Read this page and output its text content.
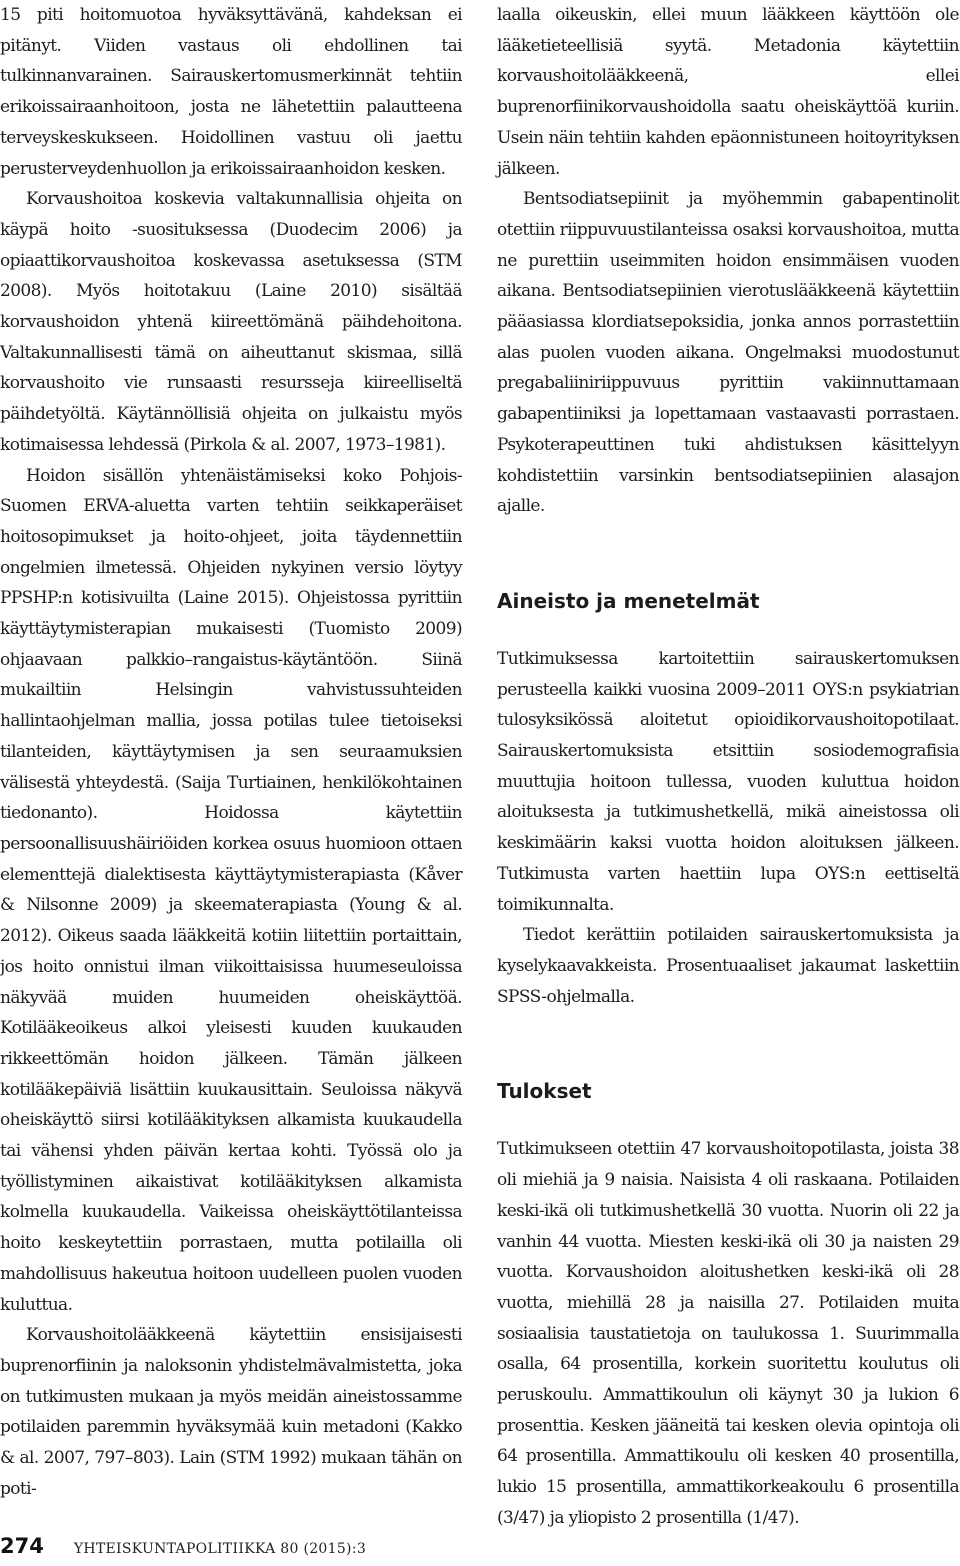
15 piti hoitomuotoa hyväksyttävänä, kahdeksan ei pitänyt. Viiden vastaus oli ehdollinen tai tulkinnanvarainen. Sairauskertomusmerkinnät tehtiin erikoissairaanhoitoon, josta ne lähetettiin palautteena terveyskeskukseen. Hoidollinen vastuu oli jaettu perusterveydenhuollon ja erikoissairaanhoidon kesken.

Korvaushoitoa koskevia valtakunnallisia ohjeita on käypä hoito -suosituksessa (Duodecim 2006) ja opiaattikorvaushoitoa koskevassa asetuksessa (STM 2008). Myös hoitotakuu (Laine 2010) sisältää korvaushoidon yhtenä kiireettömänä päihdehoitona. Valtakunnallisesti tämä on aiheuttanut skismaa, sillä korvaushoito vie runsaasti resursseja kiireelliseltä päihdetyöltä. Käytännöllisiä ohjeita on julkaistu myös kotimaisessa lehdessä (Pirkola & al. 2007, 1973–1981).

Hoidon sisällön yhtenäistämiseksi koko Pohjois-Suomen ERVA-aluetta varten tehtiin seikkaperäiset hoitosopimukset ja hoito-ohjeet, joita täydennettiin ongelmien ilmetessä. Ohjeiden nykyinen versio löytyy PPSHP:n kotisivuilta (Laine 2015). Ohjeistossa pyrittiin käyttäytymisterapian mukaisesti (Tuomisto 2009) ohjaavaan palkkio–rangaistus-käytäntöön. Siinä mukailtiin Helsingin vahvistussuhteiden hallintaohjelman mallia, jossa potilas tulee tietoiseksi tilanteiden, käyttäytymisen ja sen seuraamuksien välisestä yhteydestä. (Saija Turtiainen, henkilökohtainen tiedonanto). Hoidossa käytettiin persoonallisuushäiriöiden korkea osuus huomioon ottaen elementtejä dialektisesta käyttäytymisterapiasta (Kåver & Nilsonne 2009) ja skeematerapiasta (Young & al. 2012). Oikeus saada lääkkeitä kotiin liitettiin portaittain, jos hoito onnistui ilman viikoittaisissa huumeseuloissa näkyvää muiden huumeiden oheiskäyttöä. Kotilääkeoikeus alkoi yleisesti kuuden kuukauden rikkeettömän hoidon jälkeen. Tämän jälkeen kotilääkepäiviä lisättiin kuukausittain. Seuloissa näkyvä oheiskäyttö siirsi kotilääkityksen alkamista kuukaudella tai vähensi yhden päivän kertaa kohti. Työssä olo ja työllistyminen aikaistivat kotilääkityksen alkamista kolmella kuukaudella. Vaikeissa oheiskäyttötilanteissa hoito keskeytettiin porrastaen, mutta potilailla oli mahdollisuus hakeutua hoitoon uudelleen puolen vuoden kuluttua.

Korvaushoitolääkkeenä käytettiin ensisijaisesti buprenorfiinin ja naloksonin yhdistelmävalmistetta, joka on tutkimusten mukaan ja myös meidän aineistossamme potilaiden paremmin hyväksymää kuin metadoni (Kakko & al. 2007, 797–803). Lain (STM 1992) mukaan tähän on poti-

laalla oikeuskin, ellei muun lääkkeen käyttöön ole lääketieteellisiä syytä. Metadonia käytettiin korvaushoitolääkkeenä, ellei buprenorfiinikorvaushoidolla saatu oheiskäyttöä kuriin. Usein näin tehtiin kahden epäonnistuneen hoitoyrityksen jälkeen.

Bentsodiatsepiinit ja myöhemmin gabapentinolit otettiin riippuvuustilanteissa osaksi korvaushoitoa, mutta ne purettiin useimmiten hoidon ensimmäisen vuoden aikana. Bentsodiatsepiinien vierotuslääkkeenä käytettiin pääasiassa klordiatsepoksidia, jonka annos porrastettiin alas puolen vuoden aikana. Ongelmaksi muodostunut pregabaliiniriippuvuus pyrittiin vakiinnuttamaan gabapentiiniksi ja lopettamaan vastaavasti porrastaen. Psykoterapeuttinen tuki ahdistuksen käsittelyyn kohdistettiin varsinkin bentsodiatsepiinien alasajon ajalle.

Aineisto ja menetelmät

Tutkimuksessa kartoitettiin sairauskertomuksen perusteella kaikki vuosina 2009–2011 OYS:n psykiatrian tulosyksikössä aloitetut opioidikorvaushoitopotilaat. Sairauskertomuksista etsittiin sosiodemografisia muuttujia hoitoon tullessa, vuoden kuluttua hoidon aloituksesta ja tutkimushetkellä, mikä aineistossa oli keskimäärin kaksi vuotta hoidon aloituksen jälkeen. Tutkimusta varten haettiin lupa OYS:n eettiseltä toimikunnalta.

Tiedot kerättiin potilaiden sairauskertomuksista ja kyselykaavakkeista. Prosentuaaliset jakaumat laskettiin SPSS-ohjelmalla.

Tulokset

Tutkimukseen otettiin 47 korvaushoitopotilasta, joista 38 oli miehiä ja 9 naisia. Naisista 4 oli raskaana. Potilaiden keski-ikä oli tutkimushetkellä 30 vuotta. Nuorin oli 22 ja vanhin 44 vuotta. Miesten keski-ikä oli 30 ja naisten 29 vuotta. Korvaushoidon aloitushetken keski-ikä oli 28 vuotta, miehillä 28 ja naisilla 27. Potilaiden muita sosiaalisia taustatietoja on taulukossa 1. Suurimmalla osalla, 64 prosentilla, korkein suoritettu koulutus oli peruskoulu. Ammattikoulun oli käynyt 30 ja lukion 6 prosenttia. Kesken jääneitä tai kesken olevia opintoja oli 64 prosentilla. Ammattikoulu oli kesken 40 prosentilla, lukio 15 prosentilla, ammattikorkeakoulu 6 prosentilla (3/47) ja yliopisto 2 prosentilla (1/47).

274 YHTEISKUNTAPOLITIIKKA 80 (2015):3
